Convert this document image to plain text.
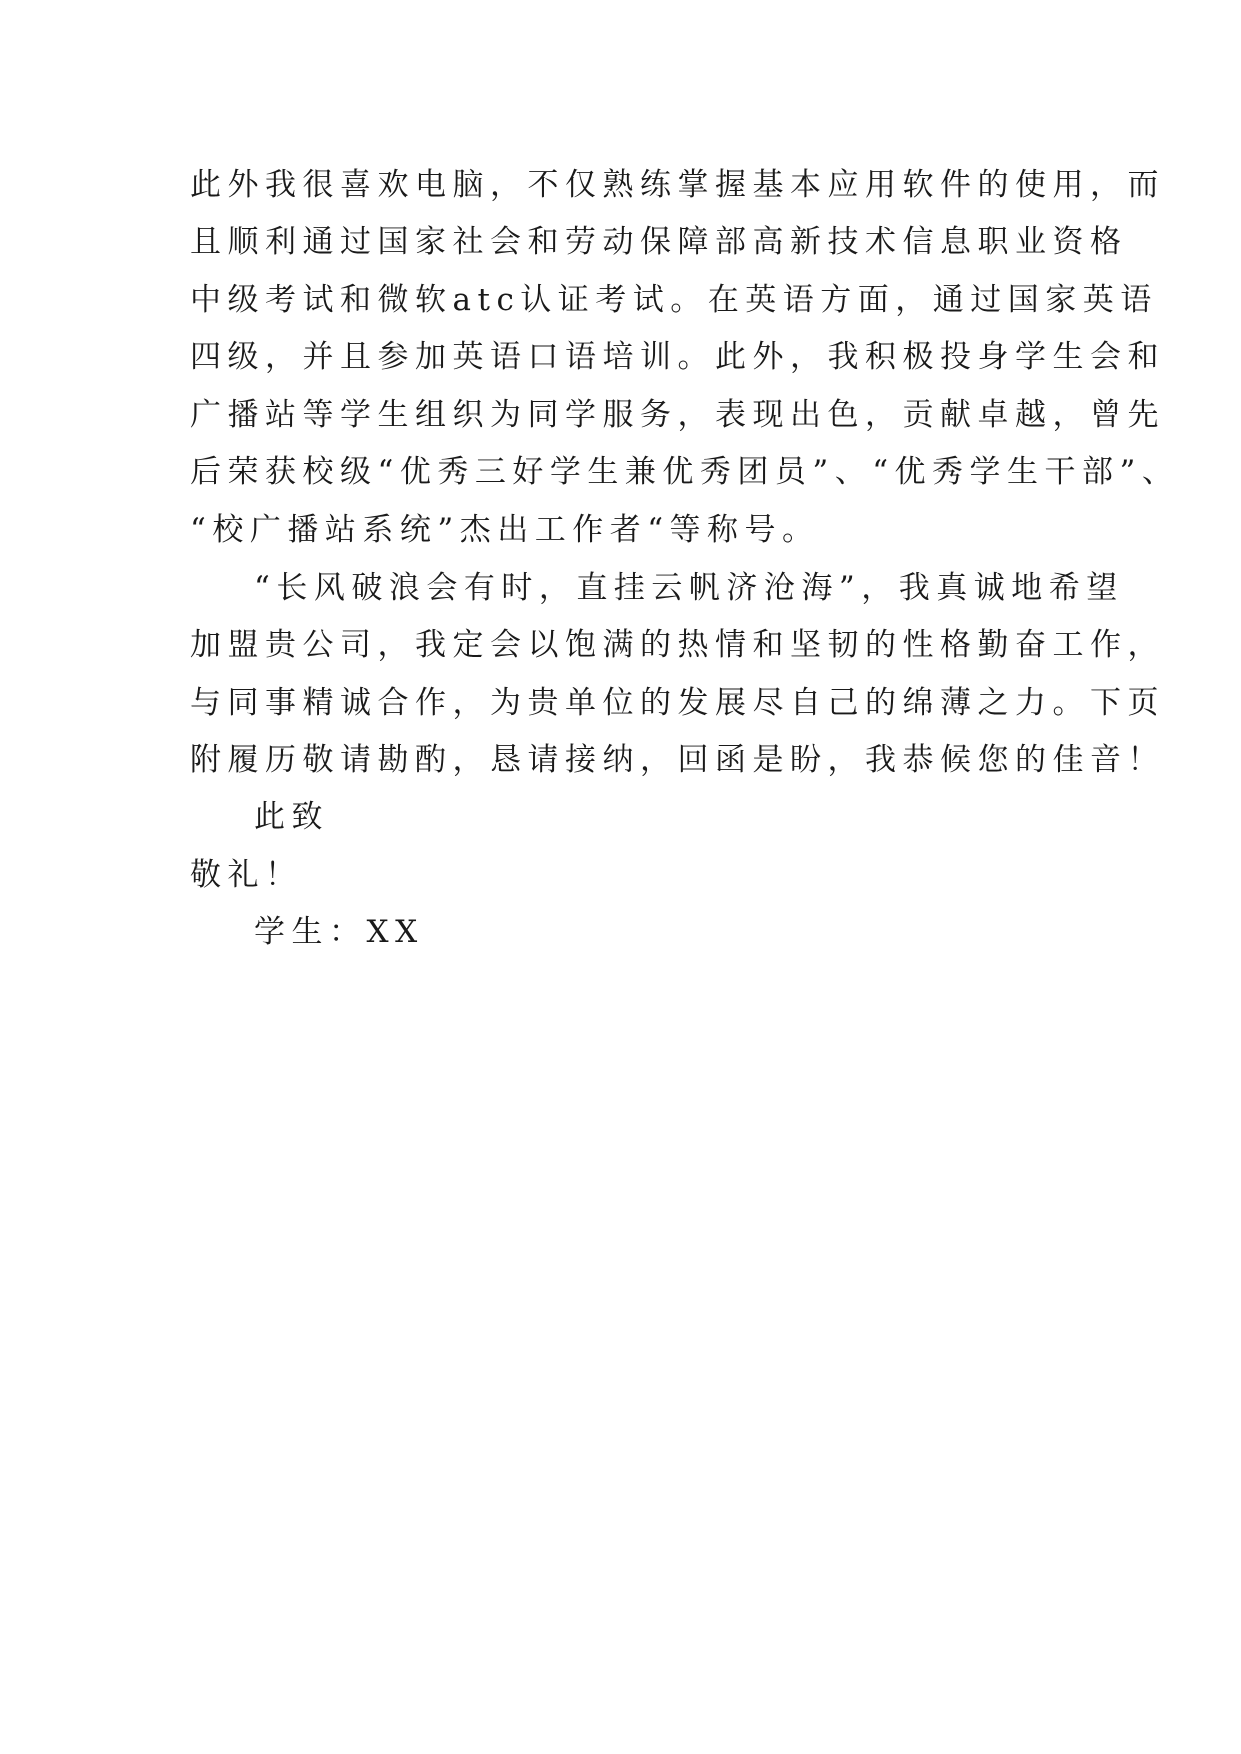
此外我很喜欢电脑，不仅熟练掌握基本应用软件的使用，而
且顺利通过国家社会和劳动保障部高新技术信息职业资格
中级考试和微软atc认证考试。在英语方面，通过国家英语
四级，并且参加英语口语培训。此外，我积极投身学生会和
广播站等学生组织为同学服务，表现出色，贡献卓越，曾先
后荣获校级“优秀三好学生兼优秀团员”、“优秀学生干部”、
“校广播站系统”杰出工作者“等称号。
“长风破浪会有时，直挂云帆济沧海”，我真诚地希望
加盟贵公司，我定会以饱满的热情和坚韧的性格勤奋工作，
与同事精诚合作，为贵单位的发展尽自己的绵薄之力。下页
附履历敬请勘酌，恳请接纳，回函是盼，我恭候您的佳音！
此致
敬礼！
学生：XX
